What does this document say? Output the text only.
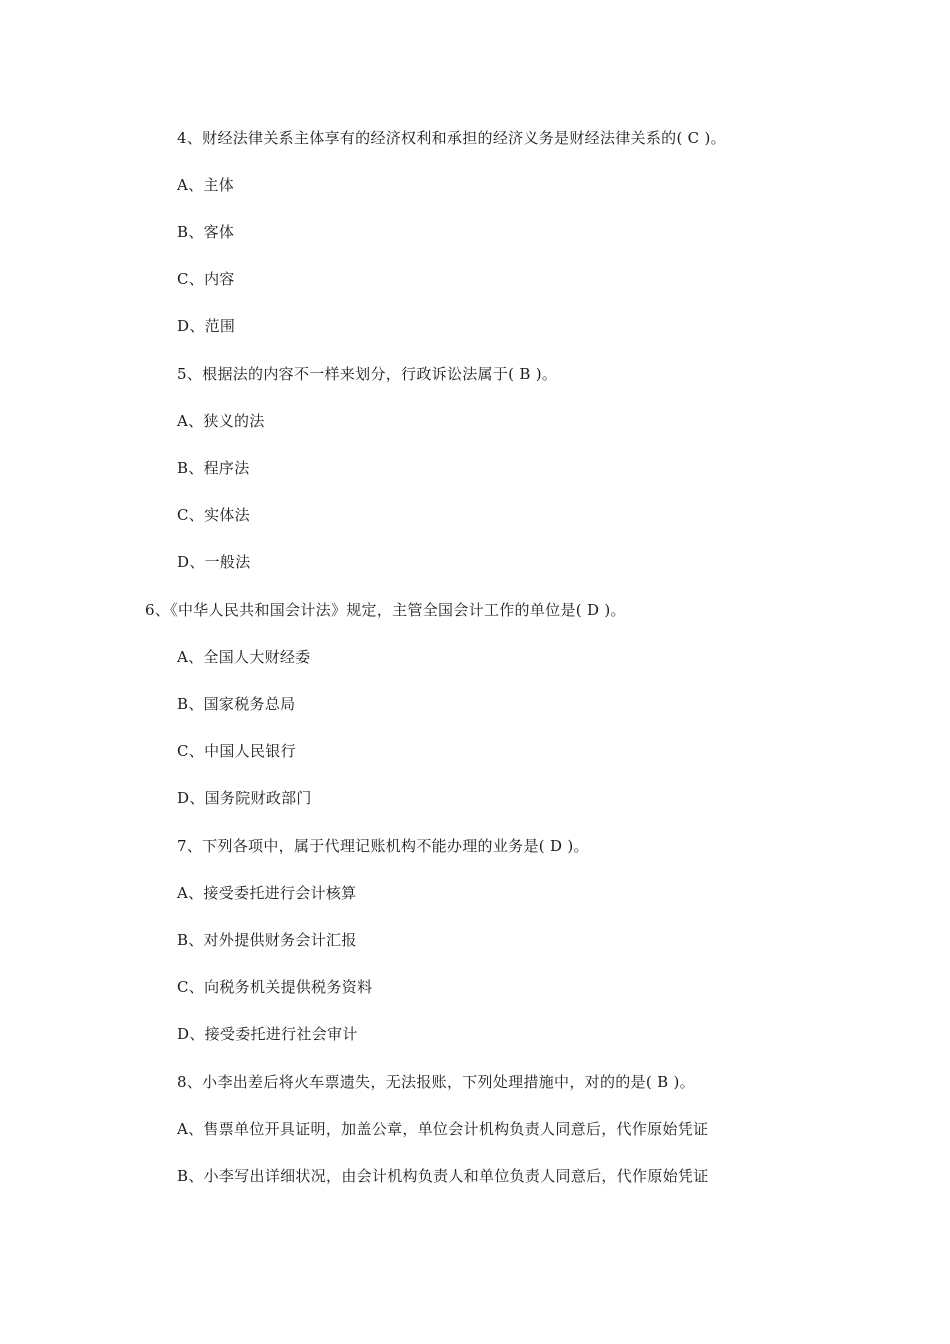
4、财经法律关系主体享有的经济权利和承担的经济义务是财经法律关系的( C )。
A、主体
B、客体
C、内容
D、范围
5、根据法的内容不一样来划分，行政诉讼法属于( B )。
A、狭义的法
B、程序法
C、实体法
D、一般法
6、《中华人民共和国会计法》规定，主管全国会计工作的单位是( D )。
A、全国人大财经委
B、国家税务总局
C、中国人民银行
D、国务院财政部门
7、下列各项中，属于代理记账机构不能办理的业务是( D )。
A、接受委托进行会计核算
B、对外提供财务会计汇报
C、向税务机关提供税务资料
D、接受委托进行社会审计
8、小李出差后将火车票遗失，无法报账，下列处理措施中，对的的是( B )。
A、售票单位开具证明，加盖公章，单位会计机构负责人同意后，代作原始凭证
B、小李写出详细状况，由会计机构负责人和单位负责人同意后，代作原始凭证
